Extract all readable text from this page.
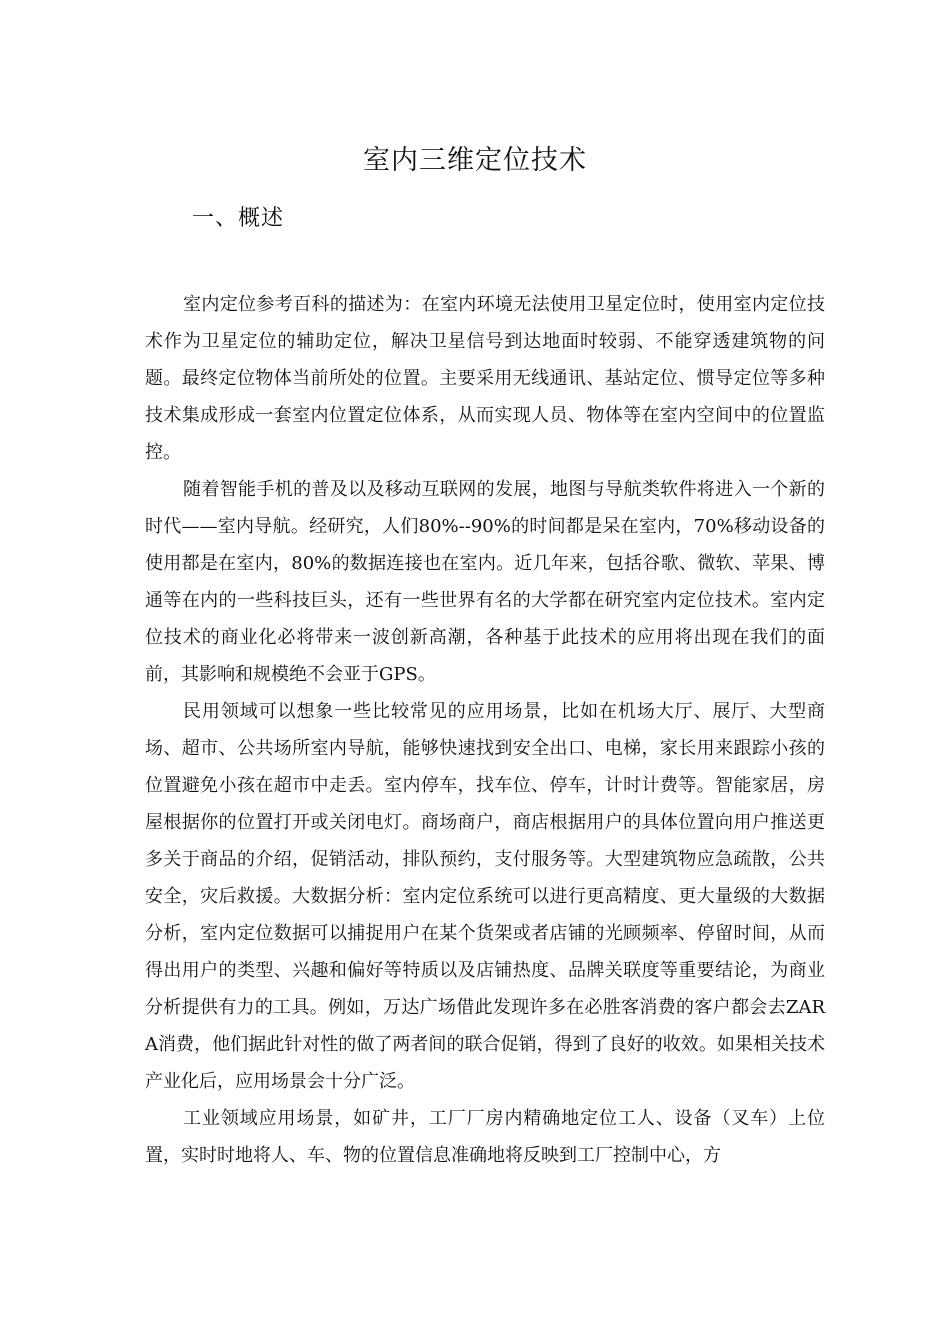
室内三维定位技术
一、概述

室内定位参考百科的描述为：在室内环境无法使用卫星定位时，使用室内定位技术作为卫星定位的辅助定位，解决卫星信号到达地面时较弱、不能穿透建筑物的问题。最终定位物体当前所处的位置。主要采用无线通讯、基站定位、惯导定位等多种技术集成形成一套室内位置定位体系，从而实现人员、物体等在室内空间中的位置监控。

随着智能手机的普及以及移动互联网的发展，地图与导航类软件将进入一个新的时代——室内导航。经研究，人们80%--90%的时间都是呆在室内，70%移动设备的使用都是在室内，80%的数据连接也在室内。近几年来，包括谷歌、微软、苹果、博通等在内的一些科技巨头，还有一些世界有名的大学都在研究室内定位技术。室内定位技术的商业化必将带来一波创新高潮，各种基于此技术的应用将出现在我们的面前，其影响和规模绝不会亚于GPS。

民用领域可以想象一些比较常见的应用场景，比如在机场大厅、展厅、大型商场、超市、公共场所室内导航，能够快速找到安全出口、电梯，家长用来跟踪小孩的位置避免小孩在超市中走丢。室内停车，找车位、停车，计时计费等。智能家居，房屋根据你的位置打开或关闭电灯。商场商户，商店根据用户的具体位置向用户推送更多关于商品的介绍，促销活动，排队预约，支付服务等。大型建筑物应急疏散，公共安全，灾后救援。大数据分析：室内定位系统可以进行更高精度、更大量级的大数据分析，室内定位数据可以捕捉用户在某个货架或者店铺的光顾频率、停留时间，从而得出用户的类型、兴趣和偏好等特质以及店铺热度、品牌关联度等重要结论，为商业分析提供有力的工具。例如，万达广场借此发现许多在必胜客消费的客户都会去ZARA消费，他们据此针对性的做了两者间的联合促销，得到了良好的收效。如果相关技术产业化后，应用场景会十分广泛。

工业领域应用场景，如矿井，工厂厂房内精确地定位工人、设备（叉车）上位置，实时时地将人、车、物的位置信息准确地将反映到工厂控制中心，方
